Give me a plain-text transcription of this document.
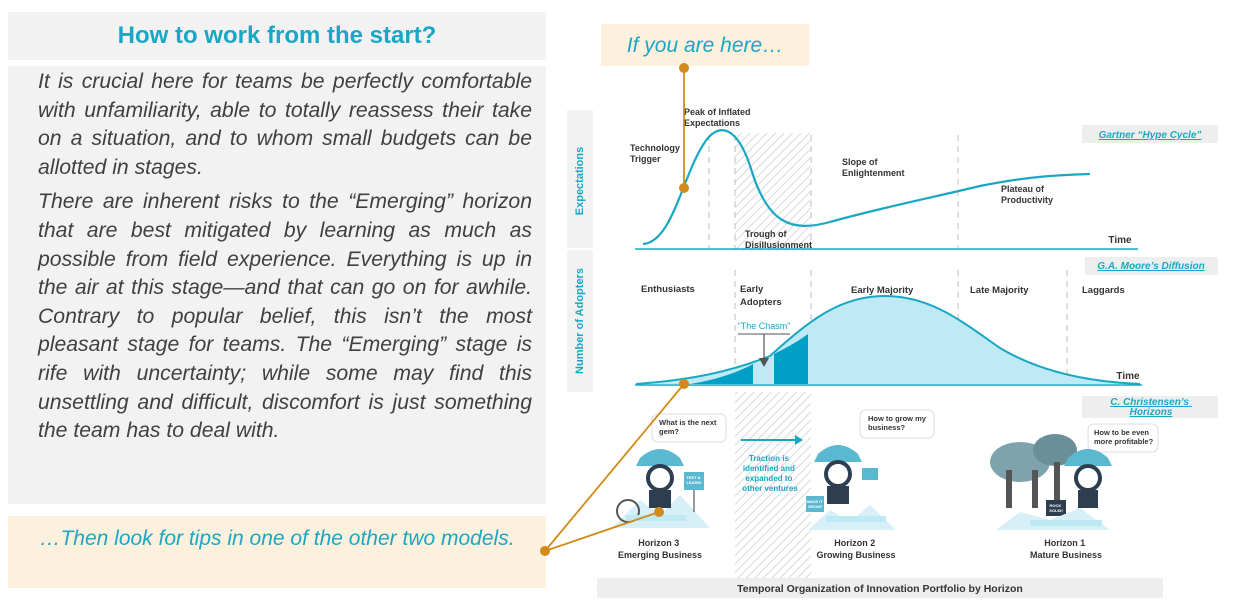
How to work from the start?

It is crucial here for teams be perfectly comfortable with unfamiliarity, able to totally reassess their take on a situation, and to whom small budgets can be allotted in stages.

There are inherent risks to the “Emerging” horizon that are best mitigated by learning as much as possible from field experience. Everything is up in the air at this stage—and that can go on for awhile. Contrary to popular belief, this isn’t the most pleasant stage for teams. The “Emerging” stage is rife with uncertainty; while some may find this unsettling and difficult, discomfort is just something the team has to deal with.

…Then look for tips in one of the other two models.
If you are here…
Expectations
Number of Adopters
Gartner “Hype Cycle”
G.A. Moore’s Diffusion
C. Christensen’s Horizons
Time
Technology Trigger
Peak of Inflated Expectations
Trough of Disillusionment
Slope of Enlightenment
Plateau of Productivity
Time
“The Chasm”
Enthusiasts	Early Adopters
Early Majority	Late Majority	Laggards
What is the next gem?
TEST & LEARN!
Traction is identified and expanded to other ventures
How to grow my business?
MAKE IT GROW!
How to be even more profitable?
ROCK SOLID!
Horizon 3 Emerging Business
Horizon 2 Growing Business
Horizon 1 Mature Business
Temporal Organization of Innovation Portfolio by Horizon
